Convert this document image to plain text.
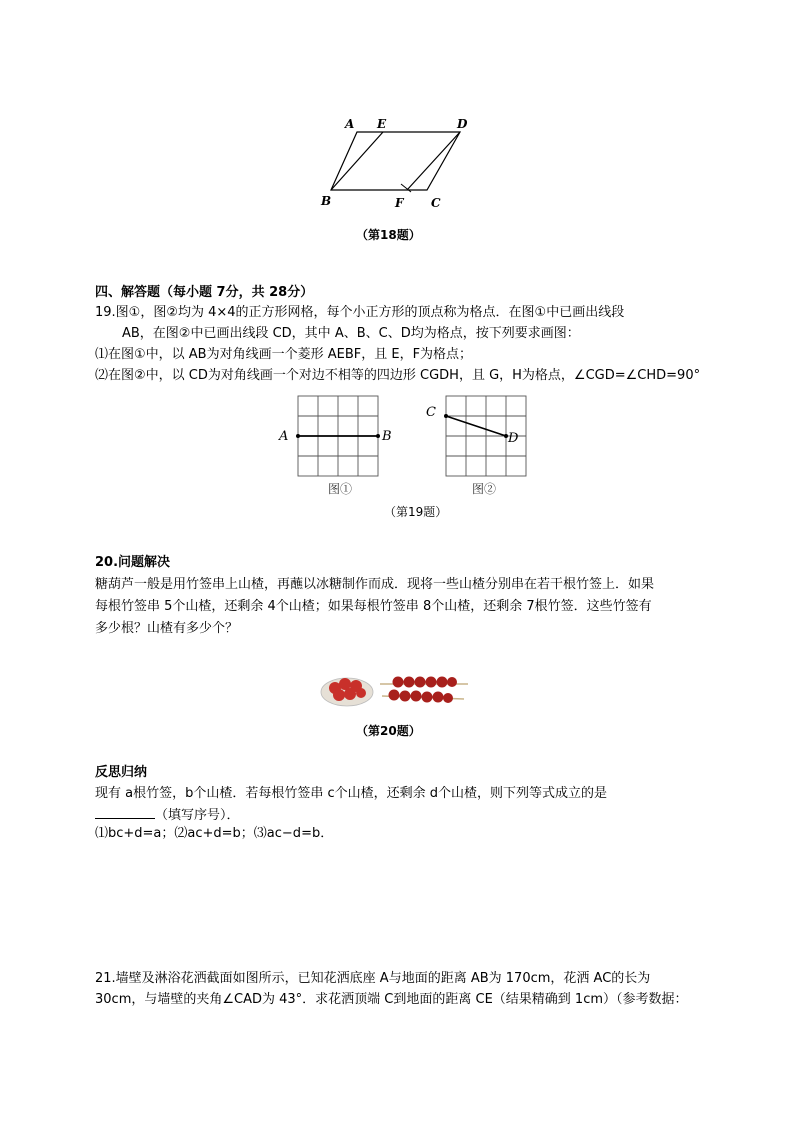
A E	D
B	F C
（第18题）
四、解答题（每小题 7分，共 28分）
19.图①，图②均为 4×4的正方形网格，每个小正方形的顶点称为格点．在图①中已画出线段
AB，在图②中已画出线段 CD，其中 A、B、C、D均为格点，按下列要求画图：
⑴在图①中，以 AB为对角线画一个菱形 AEBF，且 E，F为格点；
⑵在图②中，以 CD为对角线画一个对边不相等的四边形 CGDH，且 G，H为格点，∠CGD=∠CHD=90°
A	B
图①
C
D
图②
（第19题）
20.问题解决
糖葫芦一般是用竹签串上山楂，再蘸以冰糖制作而成．现将一些山楂分别串在若干根竹签上．如果
每根竹签串 5个山楂，还剩余 4个山楂；如果每根竹签串 8个山楂，还剩余 7根竹签．这些竹签有
多少根？山楂有多少个？
（第20题）
反思归纳
现有 a根竹签，b个山楂．若每根竹签串 c个山楂，还剩余 d个山楂，则下列等式成立的是
（填写序号）．
⑴bc+d=a；⑵ac+d=b；⑶ac−d=b．
21.墙壁及淋浴花洒截面如图所示，已知花洒底座 A与地面的距离 AB为 170cm，花洒 AC的长为
30cm，与墙壁的夹角∠CAD为 43°．求花洒顶端 C到地面的距离 CE（结果精确到 1cm）（参考数据：
